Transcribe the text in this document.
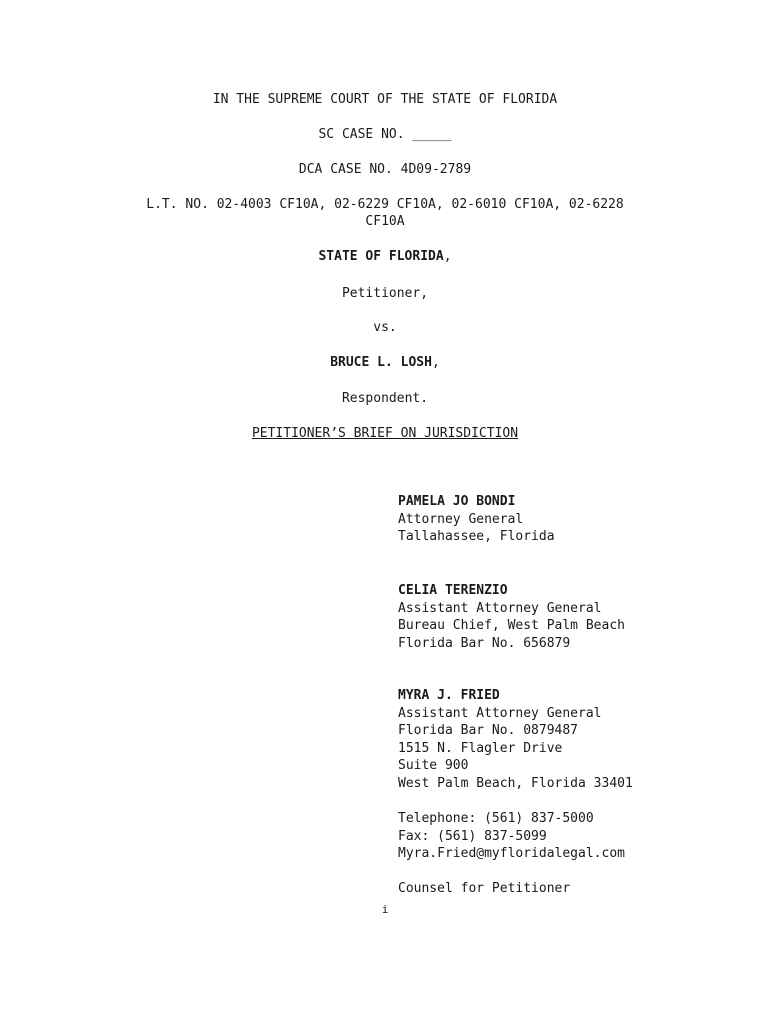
IN THE SUPREME COURT OF THE STATE OF FLORIDA
SC CASE NO. _____
DCA CASE NO. 4D09-2789
L.T. NO. 02-4003 CF10A, 02-6229 CF10A, 02-6010 CF10A, 02-6228
CF10A
STATE OF FLORIDA,
Petitioner,
vs.
BRUCE L. LOSH,
Respondent.
PETITIONER’S BRIEF ON JURISDICTION
PAMELA JO BONDI
Attorney General
Tallahassee, Florida
CELIA TERENZIO
Assistant Attorney General
Bureau Chief, West Palm Beach
Florida Bar No. 656879
MYRA J. FRIED
Assistant Attorney General
Florida Bar No. 0879487
1515 N. Flagler Drive
Suite 900
West Palm Beach, Florida 33401
Telephone: (561) 837-5000
Fax: (561) 837-5099
Myra.Fried@myfloridalegal.com
Counsel for Petitioner
i
